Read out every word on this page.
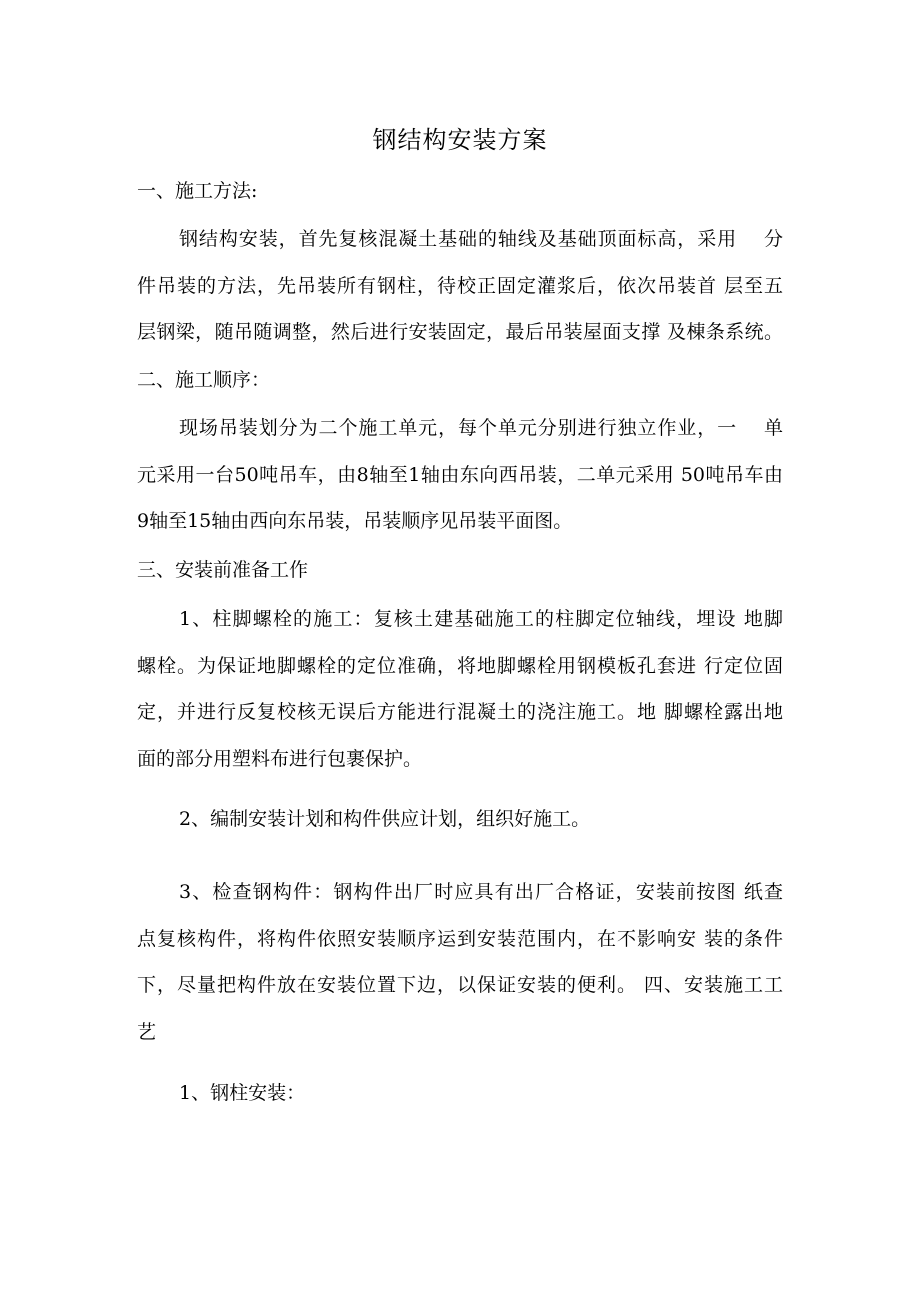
钢结构安装方案
一、施工方法:
钢结构安装，首先复核混凝土基础的轴线及基础顶面标高，采用　 分
件吊装的方法，先吊装所有钢柱，待校正固定灌浆后，依次吊装首 层至五
层钢梁，随吊随调整，然后进行安装固定，最后吊装屋面支撑 及棟条系统。
二、施工顺序：
现场吊装划分为二个施工单元，每个单元分别进行独立作业，一　 单
元采用一台50吨吊车，由8轴至1轴由东向西吊装，二单元采用 50吨吊车由
9轴至15轴由西向东吊装，吊装顺序见吊装平面图。
三、安装前准备工作
1、柱脚螺栓的施工：复核土建基础施工的柱脚定位轴线，埋设 地脚
螺栓。为保证地脚螺栓的定位准确，将地脚螺栓用钢模板孔套进 行定位固
定，并进行反复校核无误后方能进行混凝土的浇注施工。地 脚螺栓露出地
面的部分用塑料布进行包裹保护。
2、编制安装计划和构件供应计划，组织好施工。
3、检查钢构件：钢构件出厂时应具有出厂合格证，安装前按图 纸查
点复核构件，将构件依照安装顺序运到安装范围内，在不影响安 装的条件
下，尽量把构件放在安装位置下边，以保证安装的便利。 四、安装施工工
艺
1、钢柱安装：
